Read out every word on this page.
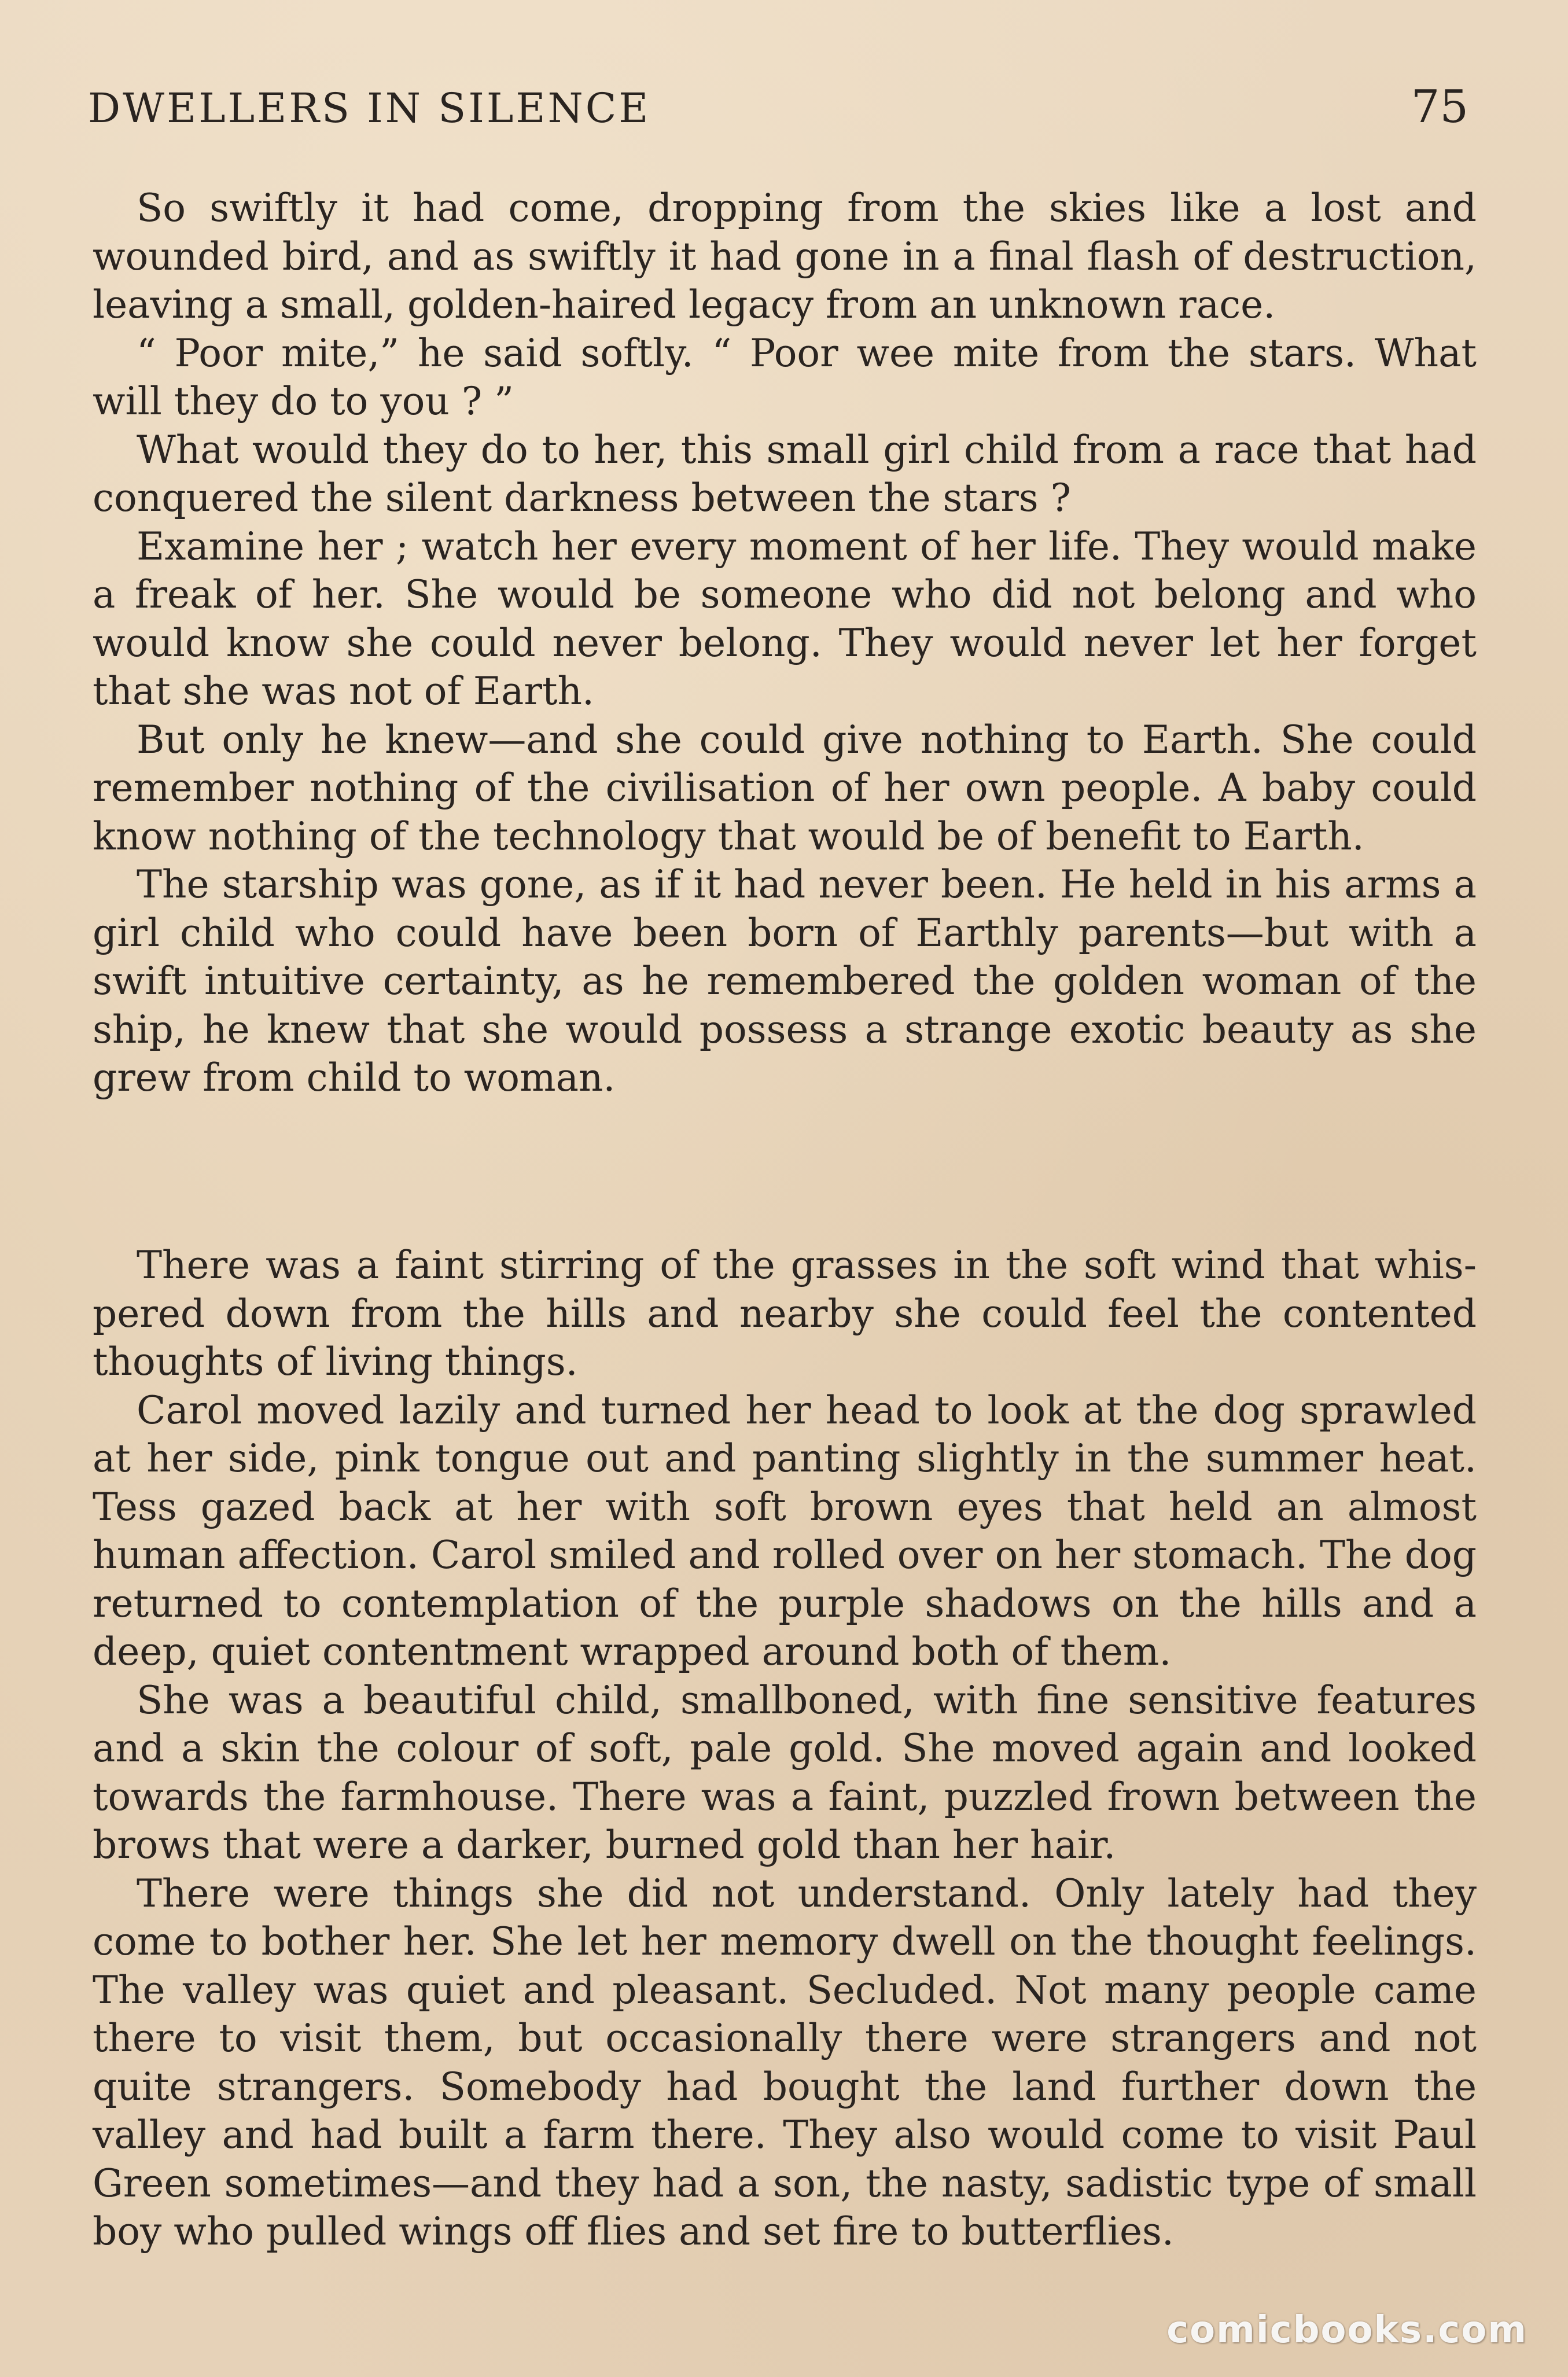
DWELLERS IN SILENCE	75

So swiftly it had come, dropping from the skies like a lost and wounded bird, and as swiftly it had gone in a final flash of destruction, leaving a small, golden-haired legacy from an unknown race.

“ Poor mite,” he said softly. “ Poor wee mite from the stars. What will they do to you ? ”

What would they do to her, this small girl child from a race that had conquered the silent darkness between the stars ?

Examine her ; watch her every moment of her life. They would make a freak of her. She would be someone who did not belong and who would know she could never belong. They would never let her forget that she was not of Earth.

But only he knew—and she could give nothing to Earth. She could remember nothing of the civilisation of her own people. A baby could know nothing of the technology that would be of benefit to Earth.

The starship was gone, as if it had never been. He held in his arms a girl child who could have been born of Earthly parents—but with a swift intuitive certainty, as he remembered the golden woman of the ship, he knew that she would possess a strange exotic beauty as she grew from child to woman.

There was a faint stirring of the grasses in the soft wind that whispered down from the hills and nearby she could feel the contented thoughts of living things.

Carol moved lazily and turned her head to look at the dog sprawled at her side, pink tongue out and panting slightly in the summer heat. Tess gazed back at her with soft brown eyes that held an almost human affection. Carol smiled and rolled over on her stomach. The dog returned to contemplation of the purple shadows on the hills and a deep, quiet contentment wrapped around both of them.

She was a beautiful child, smallboned, with fine sensitive features and a skin the colour of soft, pale gold. She moved again and looked towards the farmhouse. There was a faint, puzzled frown between the brows that were a darker, burned gold than her hair.

There were things she did not understand. Only lately had they come to bother her. She let her memory dwell on the thought feelings. The valley was quiet and pleasant. Secluded. Not many people came there to visit them, but occasionally there were strangers and not quite strangers. Somebody had bought the land further down the valley and had built a farm there. They also would come to visit Paul Green sometimes—and they had a son, the nasty, sadistic type of small boy who pulled wings off flies and set fire to butterflies.

comicbooks.com
